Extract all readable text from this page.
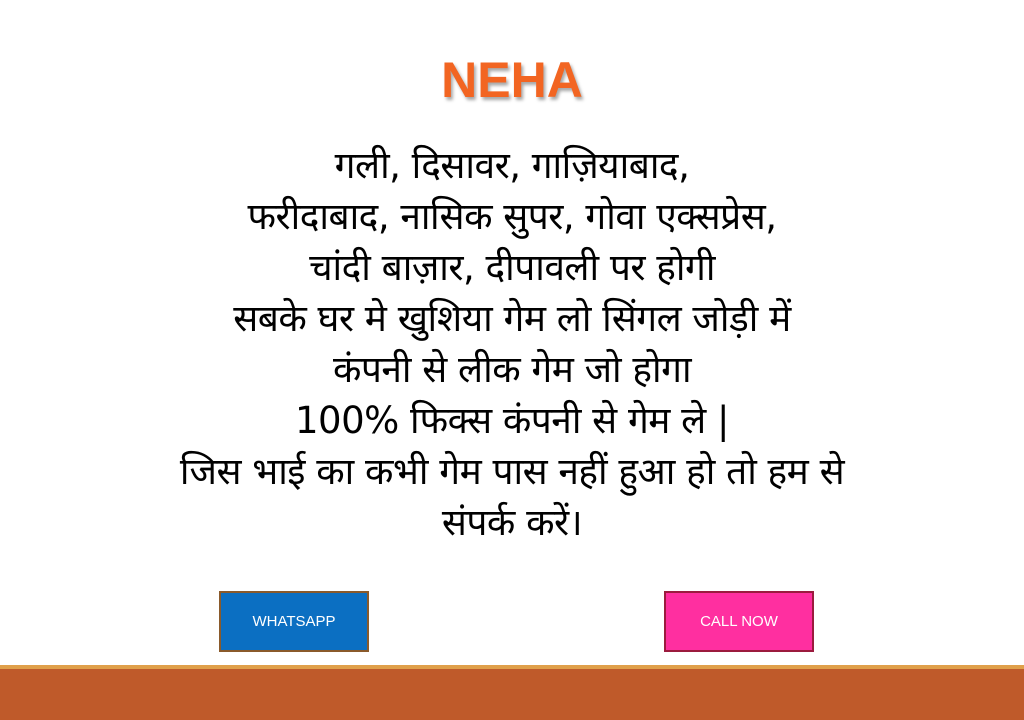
NEHA
गली, दिसावर, गाज़ियाबाद,
फरीदाबाद, नासिक सुपर, गोवा एक्सप्रेस,
चांदी बाज़ार, दीपावली पर होगी
सबके घर मे खुशिया गेम लो सिंगल जोड़ी में
कंपनी से लीक गेम जो होगा
100% फिक्स कंपनी से गेम ले |
जिस भाई का कभी गेम पास नहीं हुआ हो तो हम से
संपर्क करें।
WHATSAPP	CALL NOW
